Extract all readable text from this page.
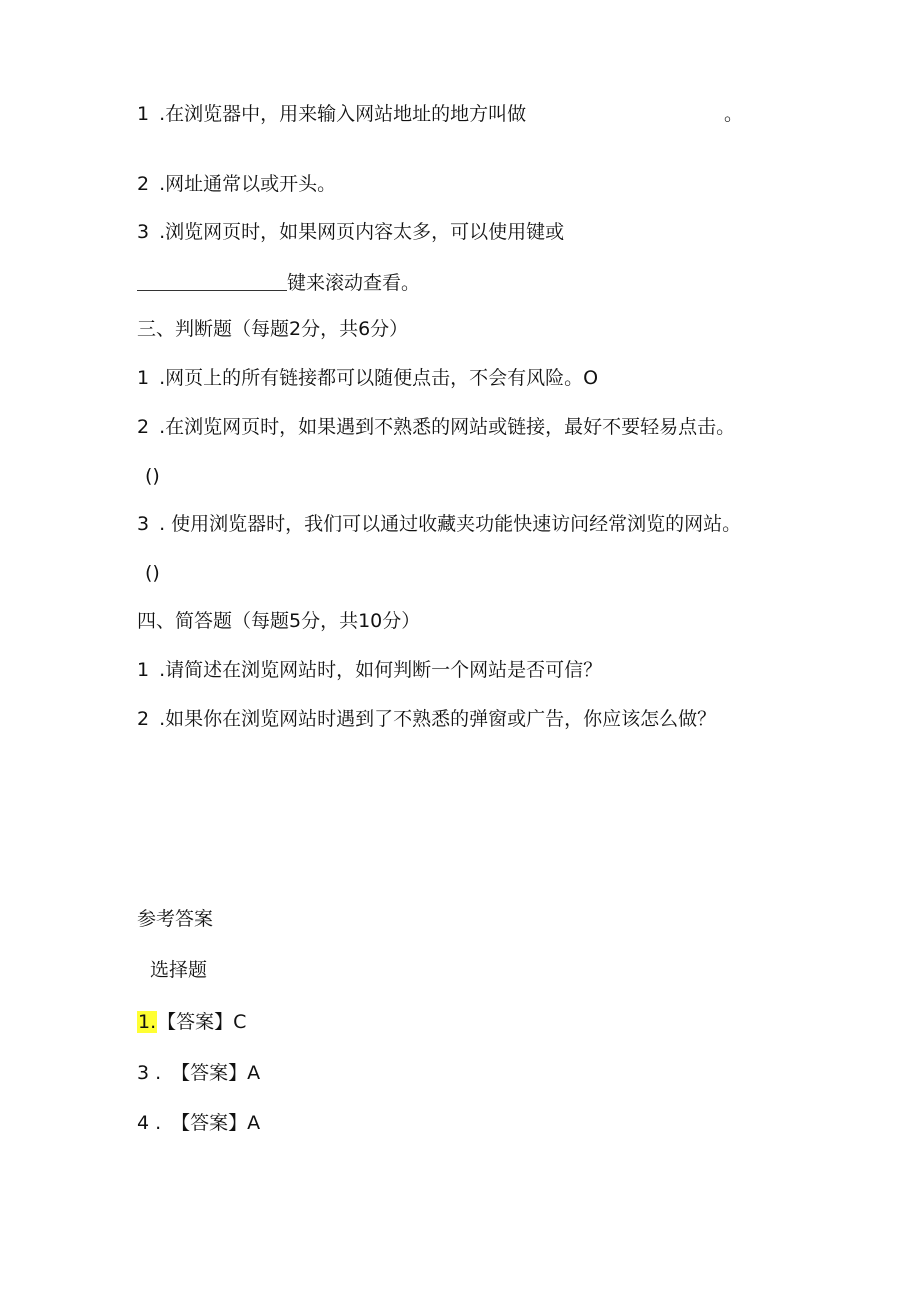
1 .在浏览器中，用来输入网站地址的地方叫做	。
2 .网址通常以或开头。
3 .浏览网页时，如果网页内容太多，可以使用键或
键来滚动查看。
三、判断题（每题2分，共6分）
1 .网页上的所有链接都可以随便点击，不会有风险。O
2 .在浏览网页时，如果遇到不熟悉的网站或链接，最好不要轻易点击。
()
3 . 使用浏览器时，我们可以通过收藏夹功能快速访问经常浏览的网站。
()
四、简答题（每题5分，共10分）
1 .请简述在浏览网站时，如何判断一个网站是否可信？
2 .如果你在浏览网站时遇到了不熟悉的弹窗或广告，你应该怎么做？
参考答案
选择题
1.【答案】C
3 . 【答案】A
4 . 【答案】A
